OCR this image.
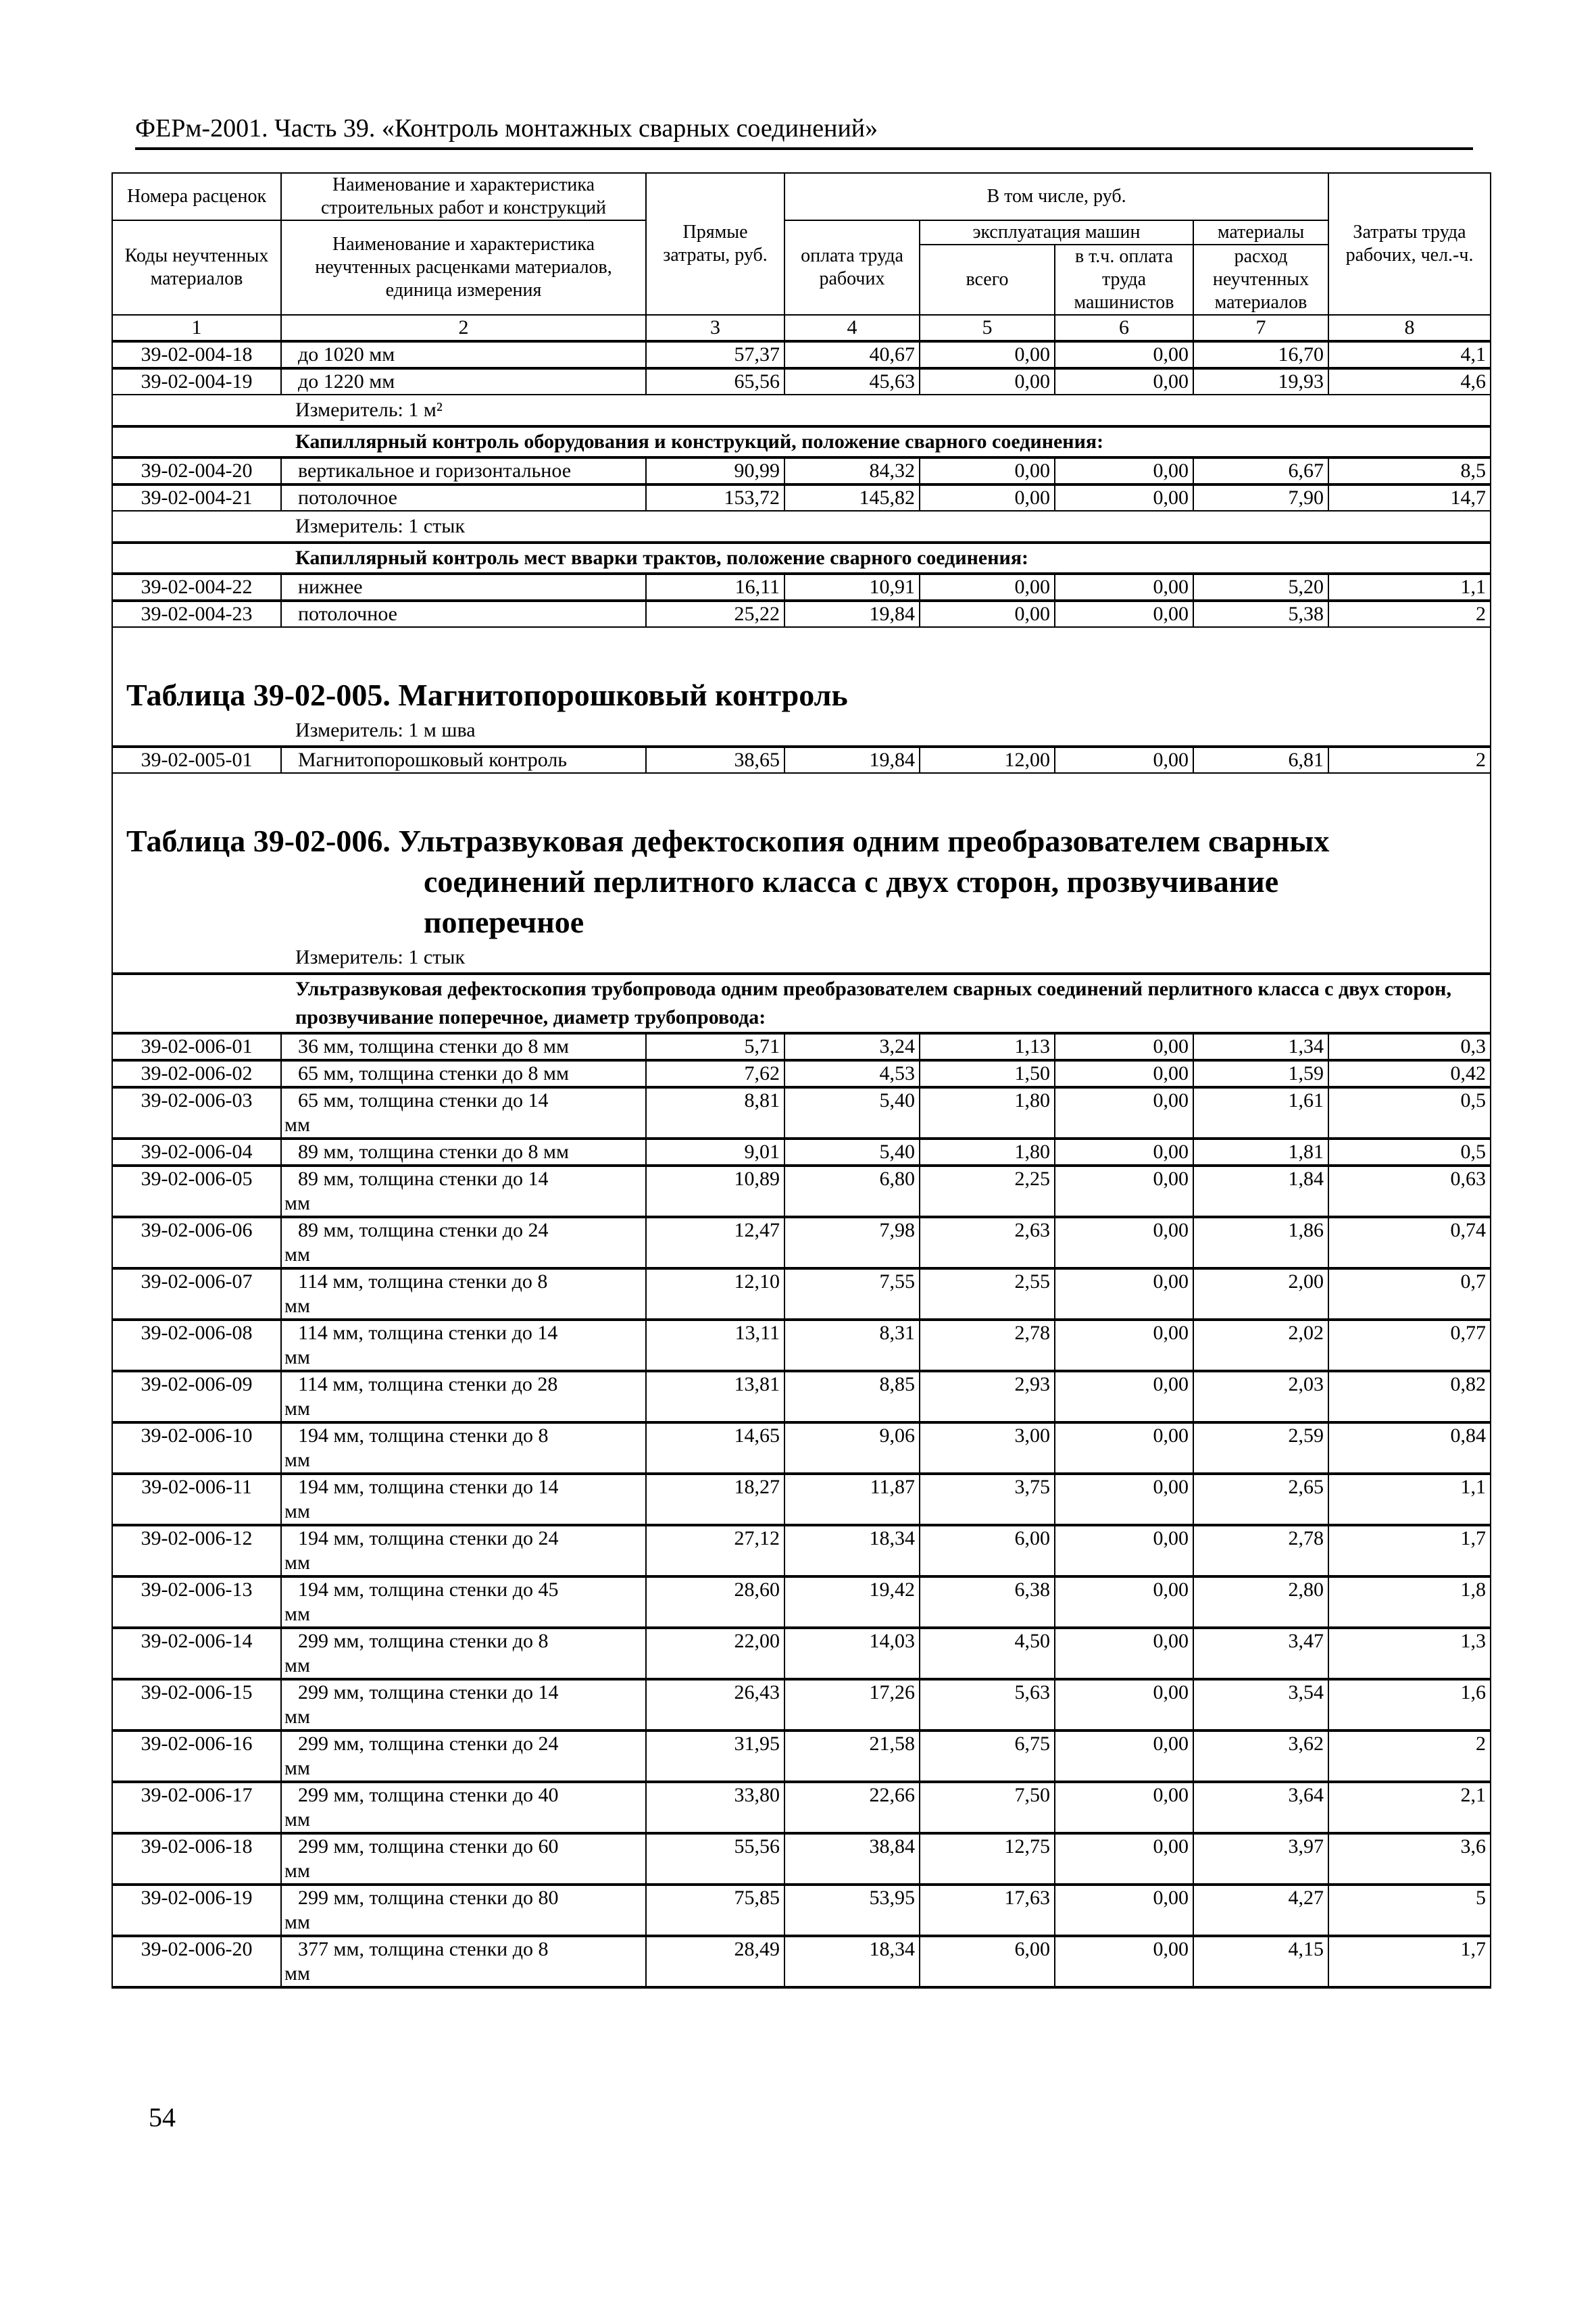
ФЕРм-2001. Часть 39. «Контроль монтажных сварных соединений»
Номера расценок	Наименование и характеристика строительных работ и конструкций	Прямые затраты, руб.	В том числе, руб.				Затраты труда рабочих, чел.-ч.
Коды неучтенных материалов	Наименование и характеристика неучтенных расценками материалов, единица измерения		оплата труда рабочих	эксплуатация машин		материалы	
				всего	в т.ч. оплата труда машинистов	расход неучтенных материалов	
1	2	3	4	5	6	7	8
39-02-004-18	до 1020 мм	57,37	40,67	0,00	0,00	16,70	4,1
39-02-004-19	до 1220 мм	65,56	45,63	0,00	0,00	19,93	4,6
Измеритель: 1 м²							
Капиллярный контроль оборудования и конструкций, положение сварного соединения:							
39-02-004-20	вертикальное и горизонтальное	90,99	84,32	0,00	0,00	6,67	8,5
39-02-004-21	потолочное	153,72	145,82	0,00	0,00	7,90	14,7
Измеритель: 1 стык							
Капиллярный контроль мест вварки трактов, положение сварного соединения:							
39-02-004-22	нижнее	16,11	10,91	0,00	0,00	5,20	1,1
39-02-004-23	потолочное	25,22	19,84	0,00	0,00	5,38	2

Таблица 39-02-005. Магнитопорошковый контроль							
Измеритель: 1 м шва							
39-02-005-01	Магнитопорошковый контроль	38,65	19,84	12,00	0,00	6,81	2

Таблица 39-02-006. Ультразвуковая дефектоскопия одним преобразователем сварных
соединений перлитного класса с двух сторон, прозвучивание
поперечное							

Измеритель: 1 стык							
Ультразвуковая дефектоскопия трубопровода одним преобразователем сварных соединений перлитного класса с двух сторон, прозвучивание поперечное, диаметр трубопровода:							
39-02-006-01	36 мм, толщина стенки до 8 мм	5,71	3,24	1,13	0,00	1,34	0,3
39-02-006-02	65 мм, толщина стенки до 8 мм	7,62	4,53	1,50	0,00	1,59	0,42
39-02-006-03	65 мм, толщина стенки до 14
мм	8,81	5,40	1,80	0,00	1,61	0,5
39-02-006-04	89 мм, толщина стенки до 8 мм	9,01	5,40	1,80	0,00	1,81	0,5
39-02-006-05	89 мм, толщина стенки до 14
мм	10,89	6,80	2,25	0,00	1,84	0,63
39-02-006-06	89 мм, толщина стенки до 24
мм	12,47	7,98	2,63	0,00	1,86	0,74
39-02-006-07	114 мм, толщина стенки до 8
мм	12,10	7,55	2,55	0,00	2,00	0,7
39-02-006-08	114 мм, толщина стенки до 14
мм	13,11	8,31	2,78	0,00	2,02	0,77
39-02-006-09	114 мм, толщина стенки до 28
мм	13,81	8,85	2,93	0,00	2,03	0,82
39-02-006-10	194 мм, толщина стенки до 8
мм	14,65	9,06	3,00	0,00	2,59	0,84
39-02-006-11	194 мм, толщина стенки до 14
мм	18,27	11,87	3,75	0,00	2,65	1,1
39-02-006-12	194 мм, толщина стенки до 24
мм	27,12	18,34	6,00	0,00	2,78	1,7
39-02-006-13	194 мм, толщина стенки до 45
мм	28,60	19,42	6,38	0,00	2,80	1,8
39-02-006-14	299 мм, толщина стенки до 8
мм	22,00	14,03	4,50	0,00	3,47	1,3
39-02-006-15	299 мм, толщина стенки до 14
мм	26,43	17,26	5,63	0,00	3,54	1,6
39-02-006-16	299 мм, толщина стенки до 24
мм	31,95	21,58	6,75	0,00	3,62	2
39-02-006-17	299 мм, толщина стенки до 40
мм	33,80	22,66	7,50	0,00	3,64	2,1
39-02-006-18	299 мм, толщина стенки до 60
мм	55,56	38,84	12,75	0,00	3,97	3,6
39-02-006-19	299 мм, толщина стенки до 80
мм	75,85	53,95	17,63	0,00	4,27	5
39-02-006-20	377 мм, толщина стенки до 8
мм	28,49	18,34	6,00	0,00	4,15	1,7
54
